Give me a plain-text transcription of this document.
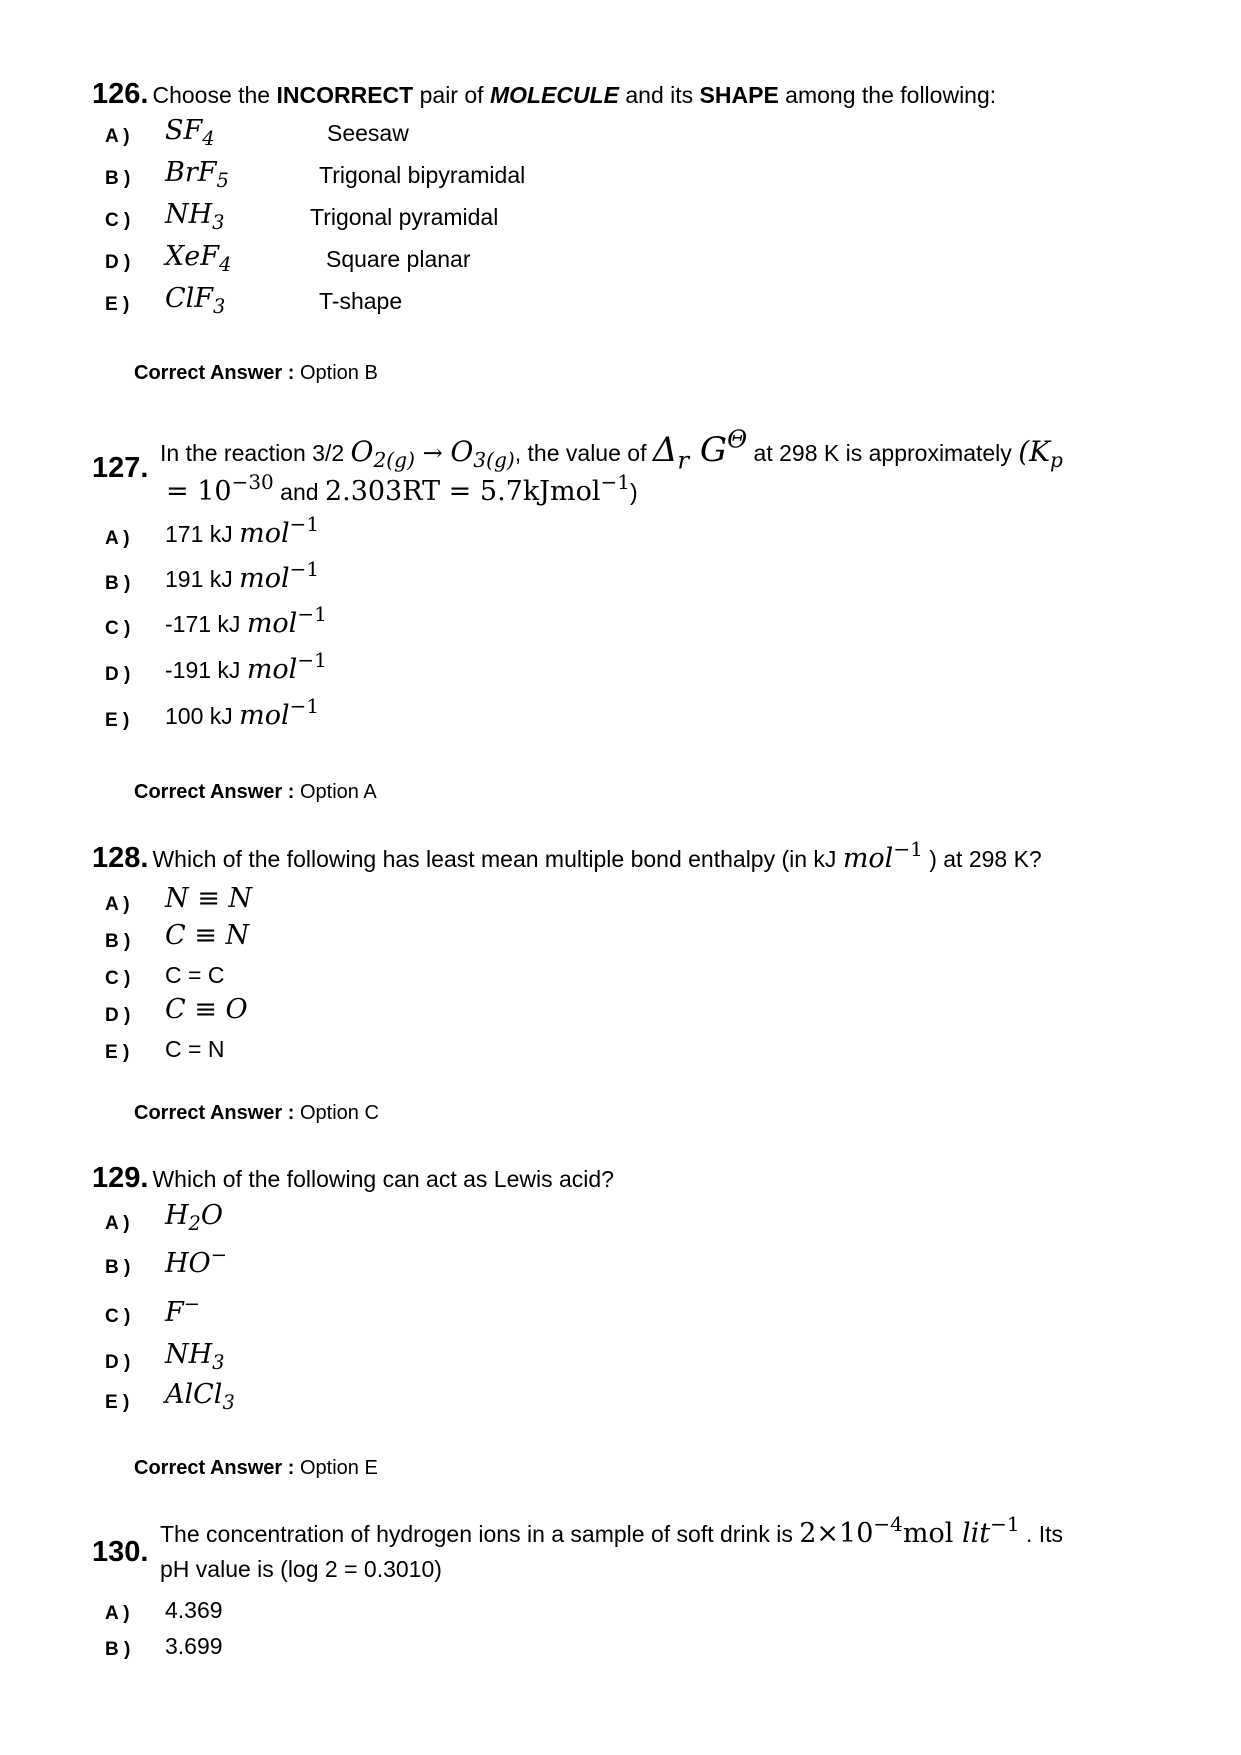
126. Choose the INCORRECT pair of MOLECULE and its SHAPE among the following:
A ) $SF_4$	Seesaw
B ) BrF$_5$	Trigonal bipyramidal
C ) $NH_3$	Trigonal pyramidal
D ) XeF$_4$	Square planar
E ) ClF$_3$	T-shape
Correct Answer : Option B
127. In the reaction 3/2 $O_{2(g)} \to O_{3(g)}$, the value of $\Delta_r$ $G^\Theta$ at 298 K is approximately ($K_p$
= $10^{-30}$ and 2.303RT = 5.7kJmol$^{-1}$)
A ) 171 kJ mol$^{-1}$
B ) 191 kJ mol$^{-1}$
C ) -171 kJ mol$^{-1}$
D ) -191 kJ mol$^{-1}$
E ) 100 kJ mol$^{-1}$
Correct Answer : Option A
128. Which of the following has least mean multiple bond enthalpy (in kJ mol$^{-1}$ ) at 298 K?
A ) N ≡ N
B ) C ≡ N
C ) C = C
D ) C ≡ O
E ) C = N
Correct Answer : Option C
129. Which of the following can act as Lewis acid?
A ) $H_2O$
B ) HO−
C ) F−
D ) $NH_3$
E ) AlCl$_3$
Correct Answer : Option E
130.
The concentration of hydrogen ions in a sample of soft drink is $2\times 10^{-4}mol$ lit$^{-1}$ . Its
pH value is (log 2 = 0.3010)
A ) 4.369
B ) 3.699
